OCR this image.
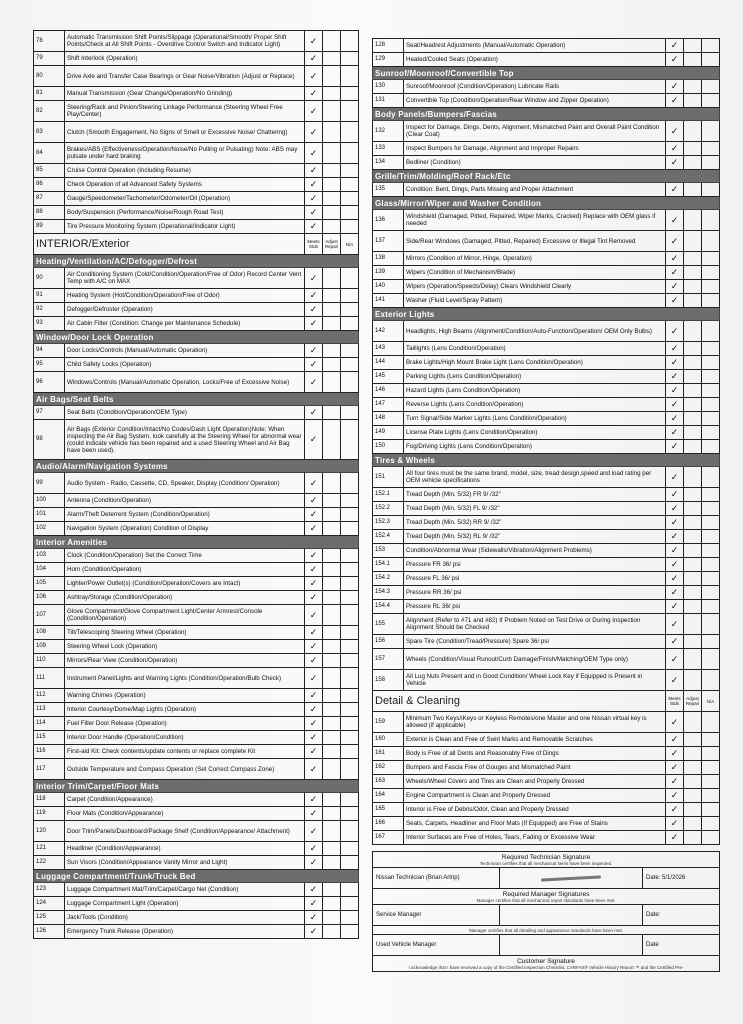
78	Automatic Transmission Shift Points/Slippage (Operational/Smooth/ Proper Shift Points/Check at All Shift Points - Overdrive Control Switch and Indicator Light)	✓		
79	Shift Interlock (Operation)	✓		
80	Drive Axle and Transfer Case Bearings or Gear Noise/Vibration (Adjust or Replace)	✓		
81	Manual Transmission (Gear Change/Operation/No Grinding)	✓		
82	Steering/Rack and Pinion/Steering Linkage Performance (Steering Wheel Free Play/Center)	✓		
83	Clutch (Smooth Engagement, No Signs of Smell or Excessive Noise/ Chattering)	✓		
84	Brakes/ABS (Effectiveness/Operation/Noise/No Pulling or Pulsating) Note: ABS may pulsate under hard braking	✓		
85	Cruise Control Operation (Including Resume)	✓		
86	Check Operation of all Advanced Safety Systems	✓		
87	Gauge/Speedometer/Tachometer/Odometer/Oil (Operation)	✓		
88	Body/Suspension (Performance/Noise/Rough Road Test)	✓		
89	Tire Pressure Monitoring System (Operational/Indicator Light)	✓		
INTERIOR/Exterior		Meets Stds	Adjust Repair	N/A
Heating/Ventilation/AC/Defogger/Defrost				
90	Air Conditioning System (Cold/Condition/Operation/Free of Odor) Record Center Vent Temp with A/C on MAX	✓		
91	Heating System (Hot/Condition/Operation/Free of Odor)	✓		
92	Defogger/Defroster (Operation)	✓		
93	Air Cabin Filter (Condition: Change per Maintenance Schedule)	✓		
Window/Door Lock Operation				
94	Door Locks/Controls (Manual/Automatic Operation)	✓		
95	Child Safety Locks (Operation)	✓		
96	Windows/Controls (Manual/Automatic Operation, Locks/Free of Excessive Noise)	✓		
Air Bags/Seat Belts				
97	Seat Belts (Condition/Operation/OEM Type)	✓		
98	Air Bags (Exterior Condition/Intact/No Codes/Dash Light Operation)Note: When inspecting the Air Bag System, look carefully at the Steering Wheel for abnormal wear (could indicate vehicle has been repaired and a used Steering Wheel and Air Bag have been used).	✓		
Audio/Alarm/Navigation Systems				
99	Audio System - Radio, Cassette, CD, Speaker, Display (Condition/ Operation)	✓		
100	Antenna (Condition/Operation)	✓		
101	Alarm/Theft Deterrent System (Condition/Operation)	✓		
102	Navigation System (Operation) Condition of Display	✓		
Interior Amenities				
103	Clock (Condition/Operation) Set the Correct Time	✓		
104	Horn (Condition/Operation)	✓		
105	Lighter/Power Outlet(s) (Condition/Operation/Covers are Intact)	✓		
106	Ashtray/Storage (Condition/Operation)	✓		
107	Glove Compartment/Glove Compartment Light/Center Armrest/Console (Condition/Operation)	✓		
108	Tilt/Telescoping Steering Wheel (Operation)	✓		
109	Steering Wheel Lock (Operation)	✓		
110	Mirrors/Rear View (Condition/Operation)	✓		
111	Instrument Panel/Lights and Warning Lights (Condition/Operation/Bulb Check)	✓		
112	Warning Chimes (Operation)	✓		
113	Interior Courtesy/Dome/Map Lights (Operation)	✓		
114	Fuel Filler Door Release (Operation)	✓		
115	Interior Door Handle (Operation/Condition)	✓		
116	First-aid Kit: Check contents/update contents or replace complete Kit	✓		
117	Outside Temperature and Compass Operation (Set Correct Compass Zone)	✓		
Interior Trim/Carpet/Floor Mats				
118	Carpet (Condition/Appearance)	✓		
119	Floor Mats (Condition/Appearance)	✓		
120	Door Trim/Panels/Dashboard/Package Shelf (Condition/Appearance/ Attachment)	✓		
121	Headliner (Condition/Appearance)	✓		
122	Sun Visors (Condition/Appearance Vanity Mirror and Light)	✓		
Luggage Compartment/Trunk/Truck Bed				
123	Luggage Compartment Mat/Trim/Carpet/Cargo Net (Condition)	✓		
124	Luggage Compartment Light (Operation)	✓		
125	Jack/Tools (Condition)	✓		
126	Emergency Trunk Release (Operation)	✓		
128	Seat/Headrest Adjustments (Manual/Automatic Operation)	✓		
129	Heated/Cooled Seats (Operation)	✓		
Sunroof/Moonroof/Convertible Top				
130	Sunroof/Moonroof (Condition/Operation) Lubricate Rails	✓		
131	Convertible Top (Condition/Operation/Rear Window and Zipper Operation)	✓		
Body Panels/Bumpers/Fascias				
132	Inspect for Damage, Dings, Dents, Alignment, Mismatched Paint and Overall Paint Condition (Clear Coat)	✓		
133	Inspect Bumpers for Damage, Alignment and Improper Repairs	✓		
134	Bedliner (Condition)	✓		
Grille/Trim/Molding/Roof Rack/Etc				
135	Condition: Bent, Dings, Parts Missing and Proper Attachment	✓		
Glass/Mirror/Wiper and Washer Condition				
136	Windshield (Damaged, Pitted, Repaired, Wiper Marks, Cracked) Replace with OEM glass if needed	✓		
137	Side/Rear Windows (Damaged, Pitted, Repaired) Excessive or Illegal Tint Removed	✓		
138	Mirrors (Condition of Mirror, Hinge, Operation)	✓		
139	Wipers (Condition of Mechanism/Blade)	✓		
140	Wipers (Operation/Speeds/Delay) Clears Windshield Clearly	✓		
141	Washer (Fluid Level/Spray Pattern)	✓		
Exterior Lights				
142	Headlights, High Beams (Alignment/Condition/Auto-Function/Operation/ OEM Only Bulbs)	✓		
143	Taillights (Lens Condition/Operation)	✓		
144	Brake Lights/High Mount Brake Light (Lens Condition/Operation)	✓		
145	Parking Lights (Lens Condition/Operation)	✓		
146	Hazard Lights (Lens Condition/Operation)	✓		
147	Reverse Lights (Lens Condition/Operation)	✓		
148	Turn Signal/Side Marker Lights (Lens Condition/Operation)	✓		
149	License Plate Lights (Lens Condition/Operation)	✓		
150	Fog/Driving Lights (Lens Condition/Operation)	✓		
Tires & Wheels				
151	All four tires must be the same brand, model, size, tread design,speed and load rating per OEM vehicle specifications	✓		
152.1	Tread Depth (Min. 5/32) FR 9/ /32"	✓		
152.2	Tread Depth (Min. 5/32) FL 9/ /32"	✓		
152.3	Tread Depth (Min. 5/32) RR 9/ /32"	✓		
152.4	Tread Depth (Min. 5/32) RL 9/ /32"	✓		
153	Condition/Abnormal Wear (Sidewalls/Vibration/Alignment Problems)	✓		
154.1	Pressure FR 36/ psi	✓		
154.2	Pressure FL 36/ psi	✓		
154.3	Pressure RR 36/ psi	✓		
154.4	Pressure RL 36/ psi	✓		
155	Alignment (Refer to #71 and #82) If Problem Noted on Test Drive or During Inspection Alignment Should be Checked	✓		
156	Spare Tire (Condition/Tread/Pressure) Spare 36/ psi	✓		
157	Wheels (Condition/Visual Runout/Curb Damage/Finish/Matching/OEM Type only)	✓		
158	All Lug Nuts Present and in Good Condition/ Wheel Lock Key if Equipped is Present in Vehicle	✓		
Detail & Cleaning		Meets Stds	Adjust Repair	N/A
159	Minimum Two Keys/iKeys or Keyless Remotes/one Master and one Nissan virtual key is allowed (if applicable)	✓		
160	Exterior is Clean and Free of Swirl Marks and Removable Scratches	✓		
161	Body is Free of all Dents and Reasonably Free of Dings	✓		
162	Bumpers and Fascia Free of Gouges and Mismatched Paint	✓		
163	Wheels/Wheel Covers and Tires are Clean and Properly Dressed	✓		
164	Engine Compartment is Clean and Properly Dressed	✓		
165	Interior is Free of Debris/Odor, Clean and Properly Dressed	✓		
166	Seats, Carpets, Headliner and Floor Mats (If Equipped) are Free of Stains	✓		
167	Interior Surfaces are Free of Holes, Tears, Fading or Excessive Wear	✓		
Required Technician Signature
Technician certifies that all mechanical items have been inspected.
Nissan Technician (Brian Artrip)	Date: 5/1/2026
Required Manager Signatures
Manager certifies that all mechanical repair standards have been met.
Service Manager	Date:
Manager certifies that all detailing and appearance standards have been met.
Used Vehicle Manager	Date
Customer Signature
I acknowledge that I have received a copy of the Certified Inspection Checklist, CARFAX® Vehicle History Report ™ and the Certified Pre-
